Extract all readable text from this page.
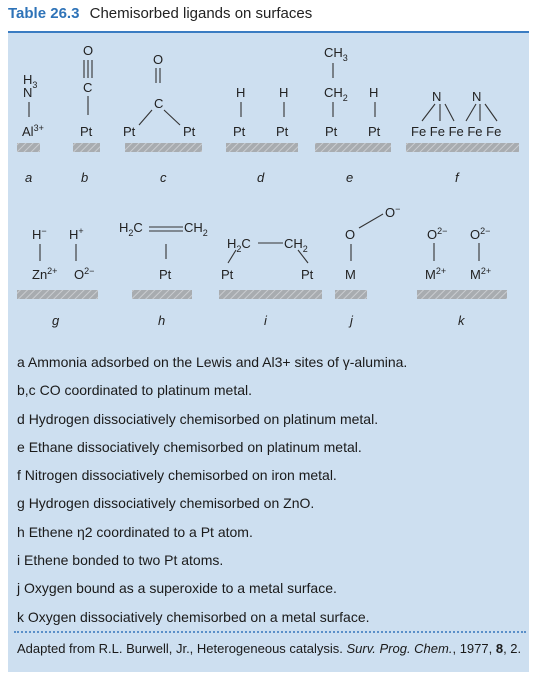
Table 26.3 Chemisorbed ligands on surfaces
$H_3$
N
$Al^{3+}$
O
C
Pt
O
C
Pt	Pt
H	H
Pt Pt
$CH_3$
$CH_2$ H
Pt Pt
N N
Fe Fe Fe Fe Fe
H− H+
$Zn^{2+}$ $O^{2-}$
$H_2C$	$CH_2$
Pt
$H_2C$	$CH_2$
Pt	Pt
O−
O
M
$O^{2-}$ $O^{2-}$
$M^{2+}$ $M^{2+}$
a	b	c	d	e	f
g	h	i	j	k
a Ammonia adsorbed on the Lewis and Al3+ sites of γ-alumina.
b,c CO coordinated to platinum metal.
d Hydrogen dissociatively chemisorbed on platinum metal.
e Ethane dissociatively chemisorbed on platinum metal.
f Nitrogen dissociatively chemisorbed on iron metal.
g Hydrogen dissociatively chemisorbed on ZnO.
h Ethene η2 coordinated to a Pt atom.
i Ethene bonded to two Pt atoms.
j Oxygen bound as a superoxide to a metal surface.
k Oxygen dissociatively chemisorbed on a metal surface.
Adapted from R.L. Burwell, Jr., Heterogeneous catalysis. Surv. Prog. Chem., 1977, 8, 2.
